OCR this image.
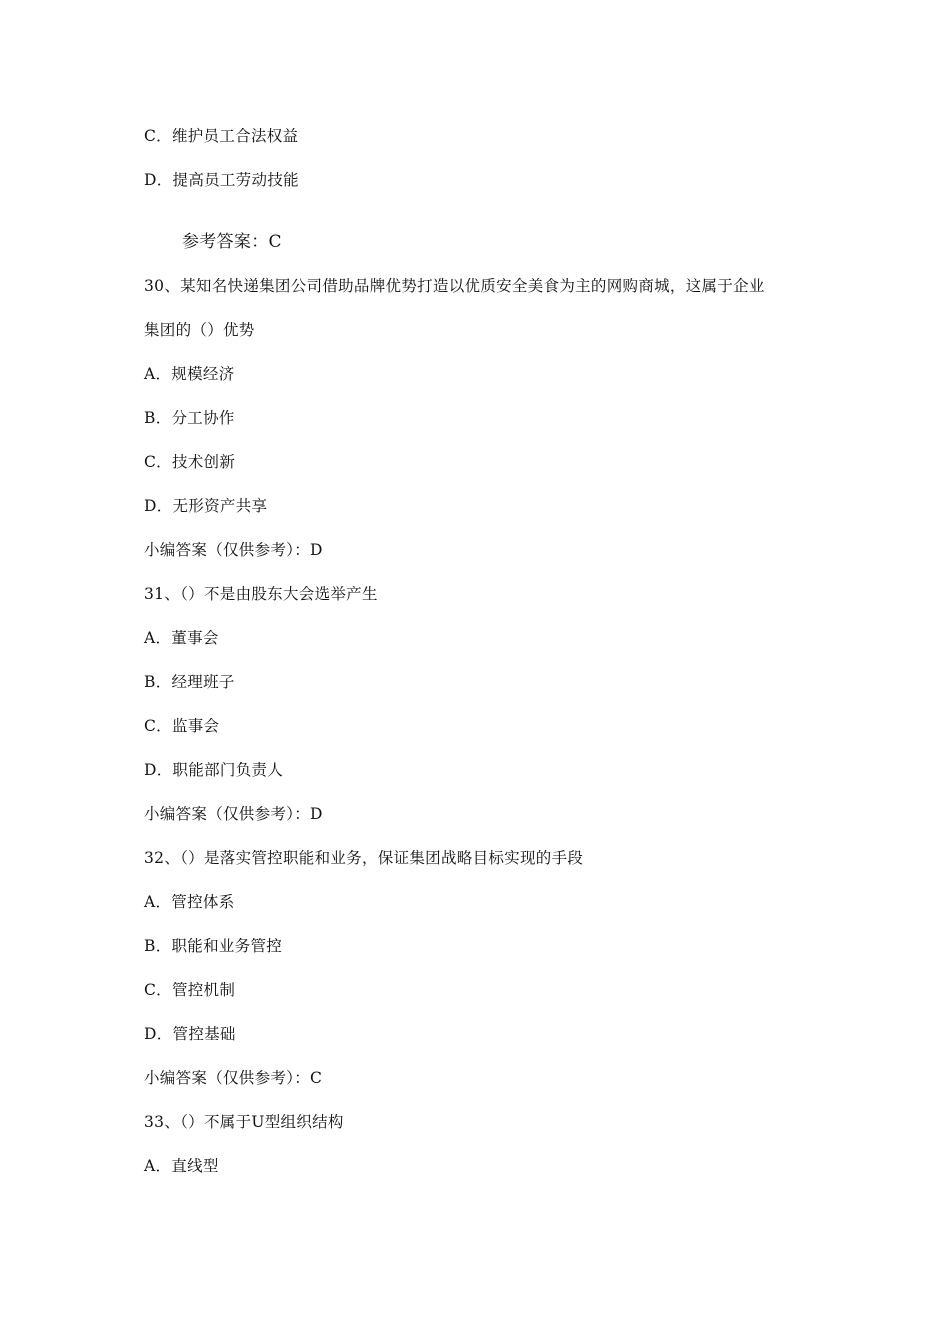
C．维护员工合法权益
D．提高员工劳动技能
参考答案：C
30、某知名快递集团公司借助品牌优势打造以优质安全美食为主的网购商城，这属于企业
集团的（）优势
A．规模经济
B．分工协作
C．技术创新
D．无形资产共享
小编答案（仅供参考）：D
31、（）不是由股东大会选举产生
A．董事会
B．经理班子
C．监事会
D．职能部门负责人
小编答案（仅供参考）：D
32、（）是落实管控职能和业务，保证集团战略目标实现的手段
A．管控体系
B．职能和业务管控
C．管控机制
D．管控基础
小编答案（仅供参考）：C
33、（）不属于U型组织结构
A．直线型
